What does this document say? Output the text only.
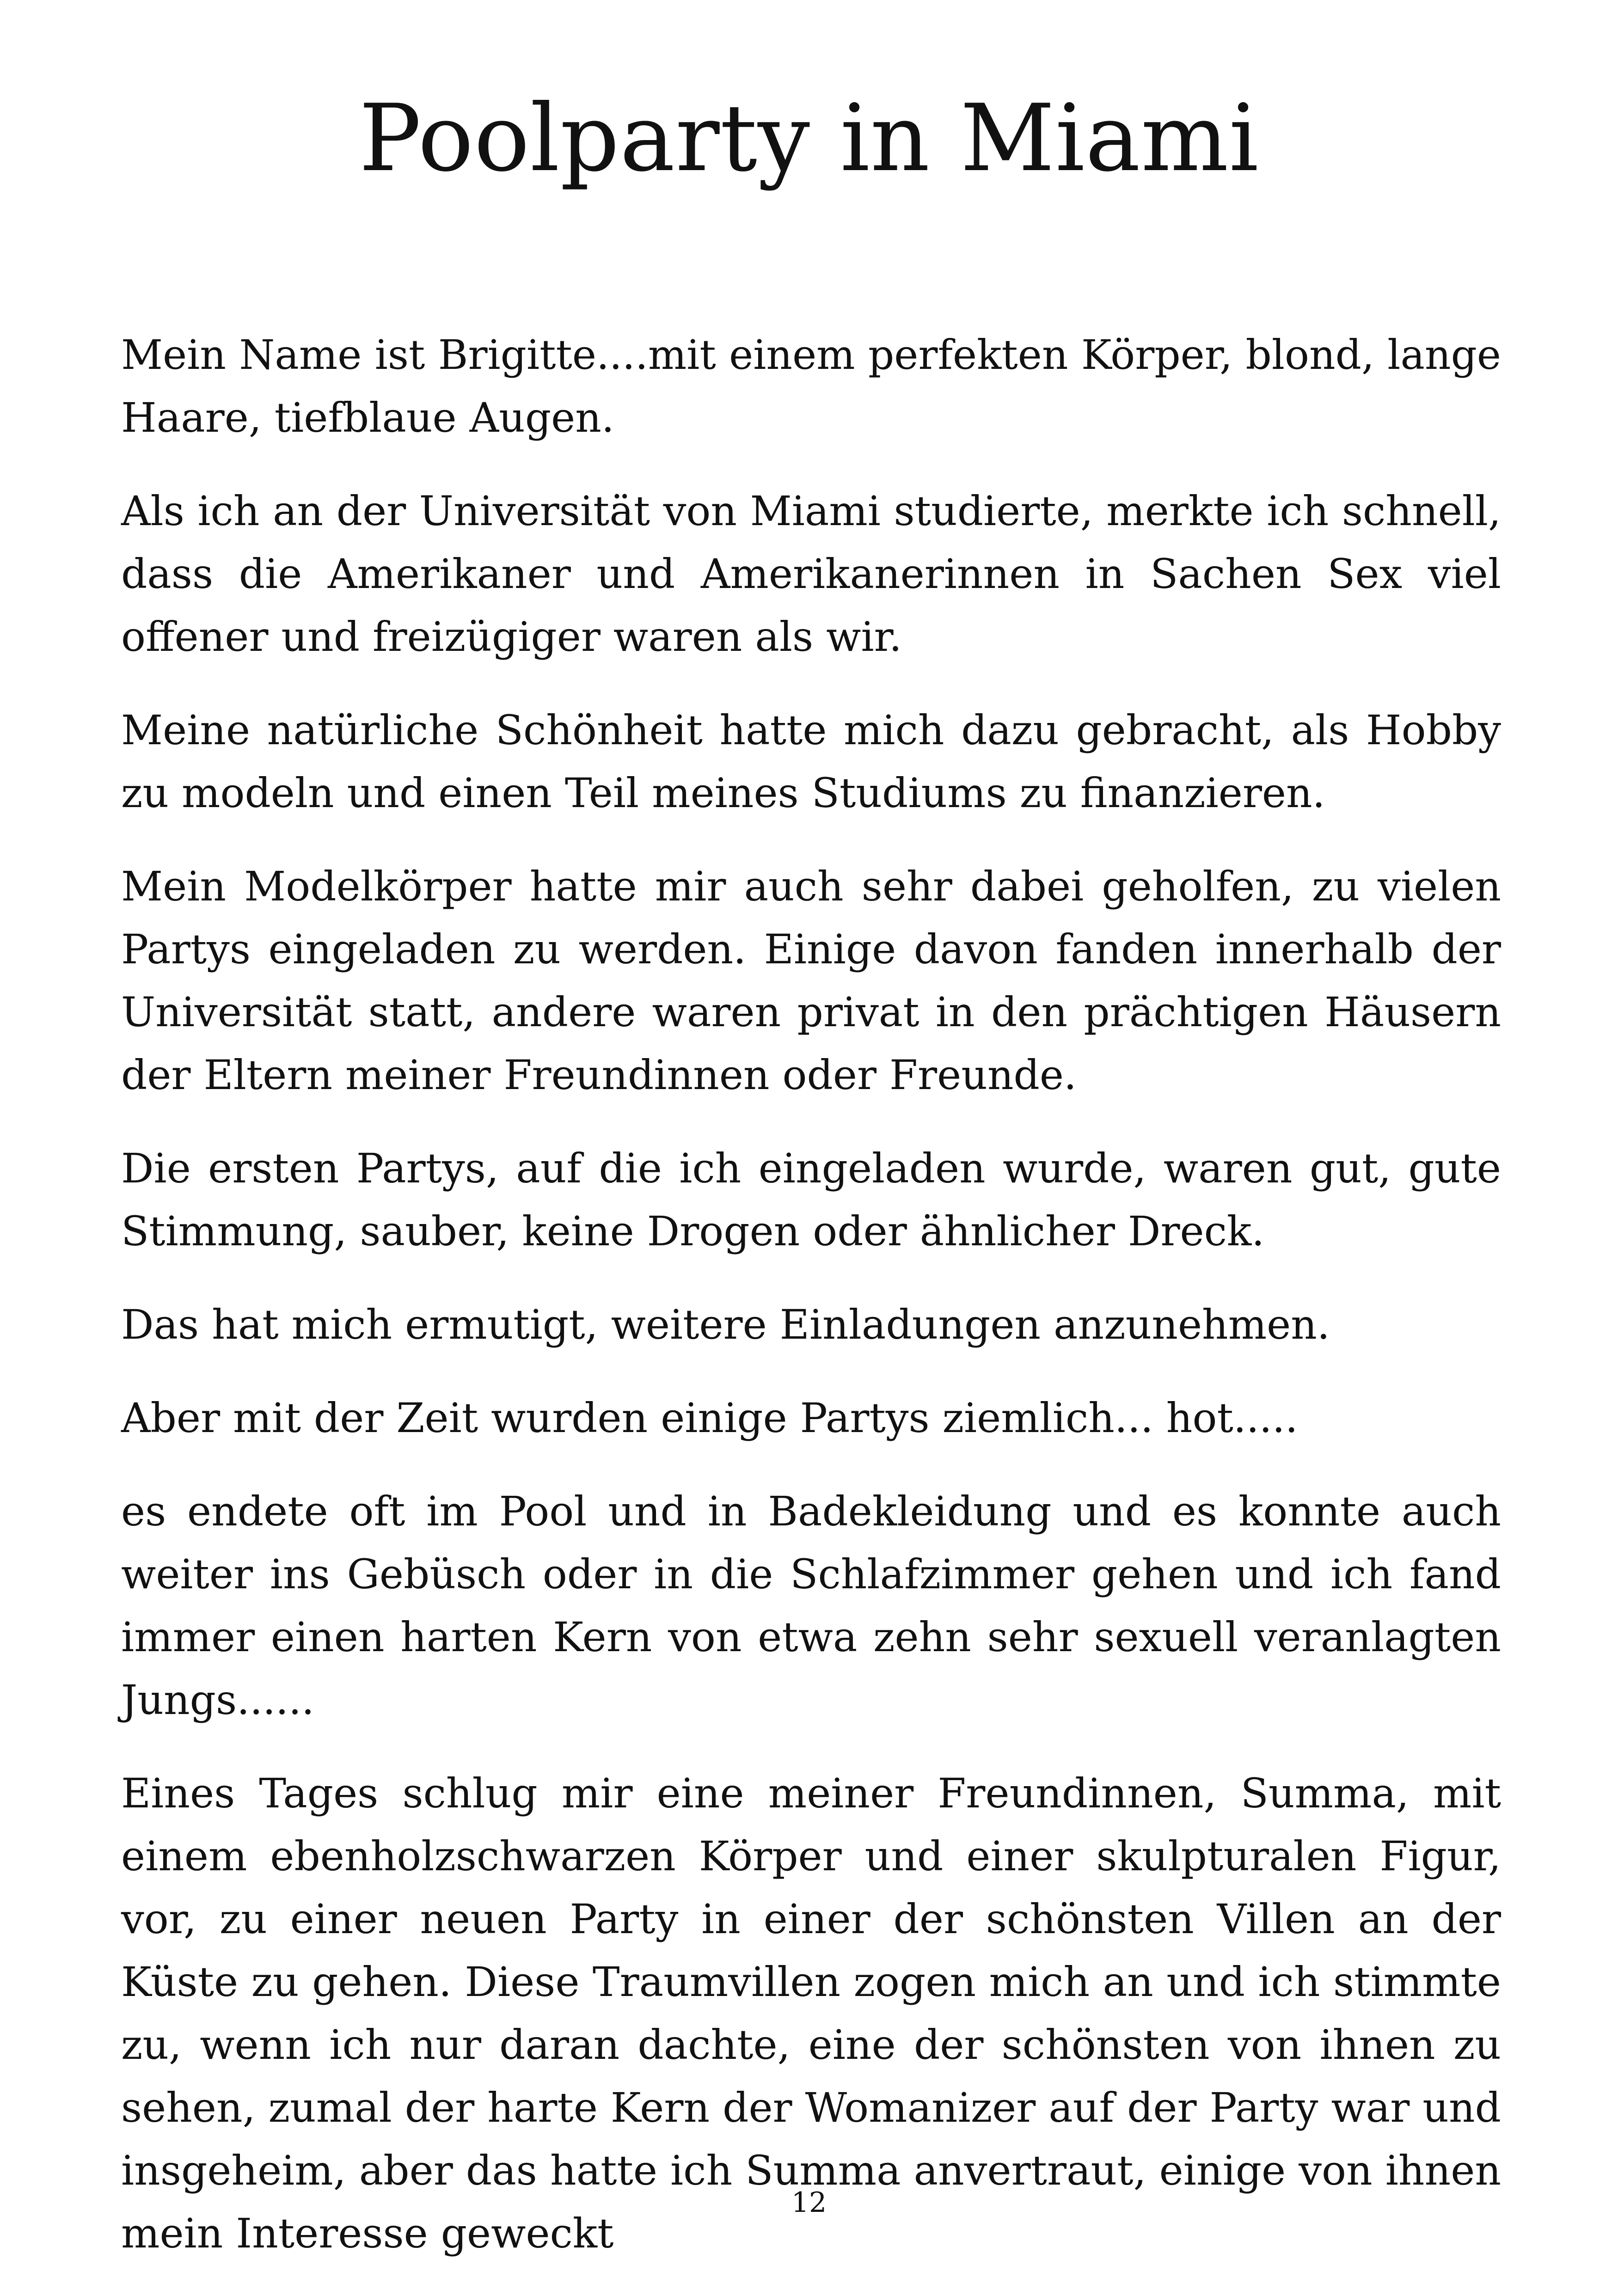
Poolparty in Miami

Mein Name ist Brigitte....mit einem perfekten Körper, blond, lange Haare, tiefblaue Augen.

Als ich an der Universität von Miami studierte, merkte ich schnell, dass die Amerikaner und Amerikanerinnen in Sachen Sex viel offener und freizügiger waren als wir.

Meine natürliche Schönheit hatte mich dazu gebracht, als Hobby zu modeln und einen Teil meines Studiums zu finanzieren.

Mein Modelkörper hatte mir auch sehr dabei geholfen, zu vielen Partys eingeladen zu werden. Einige davon fanden innerhalb der Universität statt, andere waren privat in den prächtigen Häusern der Eltern meiner Freundinnen oder Freunde.

Die ersten Partys, auf die ich eingeladen wurde, waren gut, gute Stimmung, sauber, keine Drogen oder ähnlicher Dreck.

Das hat mich ermutigt, weitere Einladungen anzunehmen.

Aber mit der Zeit wurden einige Partys ziemlich... hot.....

es endete oft im Pool und in Badekleidung und es konnte auch weiter ins Gebüsch oder in die Schlafzimmer gehen und ich fand immer einen harten Kern von etwa zehn sehr sexuell veranlagten Jungs......

Eines Tages schlug mir eine meiner Freundinnen, Summa, mit einem ebenholzschwarzen Körper und einer skulpturalen Figur, vor, zu einer neuen Party in einer der schönsten Villen an der Küste zu gehen. Diese Traumvillen zogen mich an und ich stimmte zu, wenn ich nur daran dachte, eine der schönsten von ihnen zu sehen, zumal der harte Kern der Womanizer auf der Party war und insgeheim, aber das hatte ich Summa anvertraut, einige von ihnen mein Interesse geweckt

12
